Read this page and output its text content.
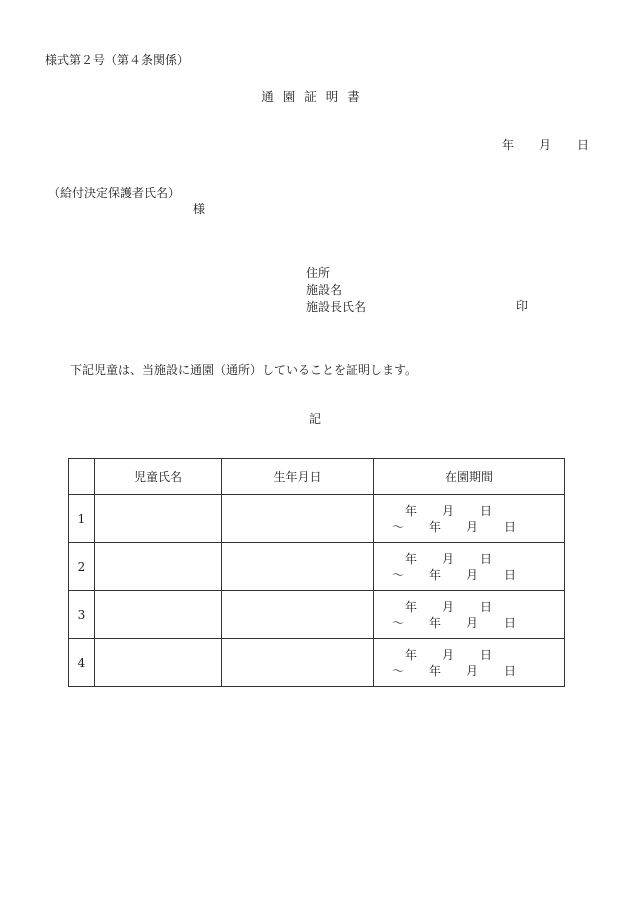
様式第２号（第４条関係）
通園証明書
年 月 日
（給付決定保護者氏名）
様
住所
施設名
施設長氏名	印
下記児童は、当施設に通園（通所）していることを証明します。
記
	児童氏名	生年月日	在園期間
1			年 月 日
～ 年 月 日

2			年 月 日
～ 年 月 日

3			年 月 日
～ 年 月 日

4			年 月 日
～ 年 月 日
